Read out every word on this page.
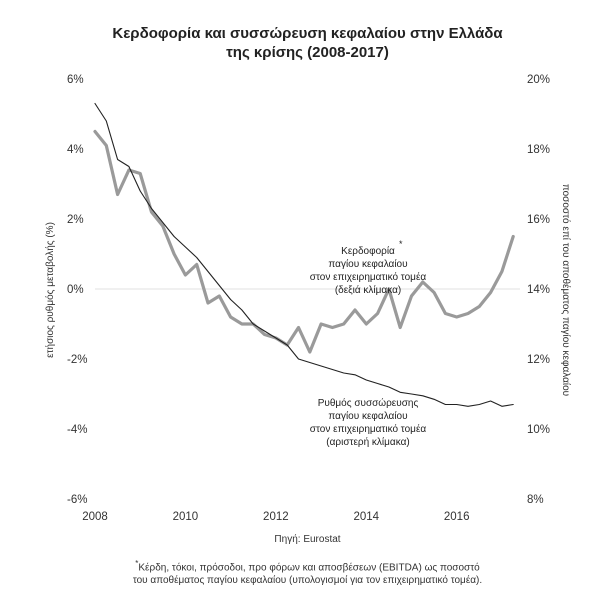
Κερδοφορία και συσσώρευση κεφαλαίου στην Ελλάδα
της κρίσης (2008-2017)
6%
4%
2%
0%
-2%
-4%
-6%
20%
18%
16%
14%
12%
10%
8%
2008	2010	2012	2014	2016
ετήσιος ρυθμός μεταβολής (%)	ποσοστό επί του αποθέματος παγίου κεφαλαίου
Κερδοφορία
*
παγίου κεφαλαίου
στον επιχειρηματικό τομέα
(δεξιά κλίμακα)
Ρυθμός συσσώρευσης
παγίου κεφαλαίου
στον επιχειρηματικό τομέα
(αριστερή κλίμακα)
Πηγή: Eurostat
*Κέρδη, τόκοι, πρόσοδοι, προ φόρων και αποσβέσεων (EBITDA) ως ποσοστό
του αποθέματος παγίου κεφαλαίου (υπολογισμοί για τον επιχειρηματικό τομέα).
